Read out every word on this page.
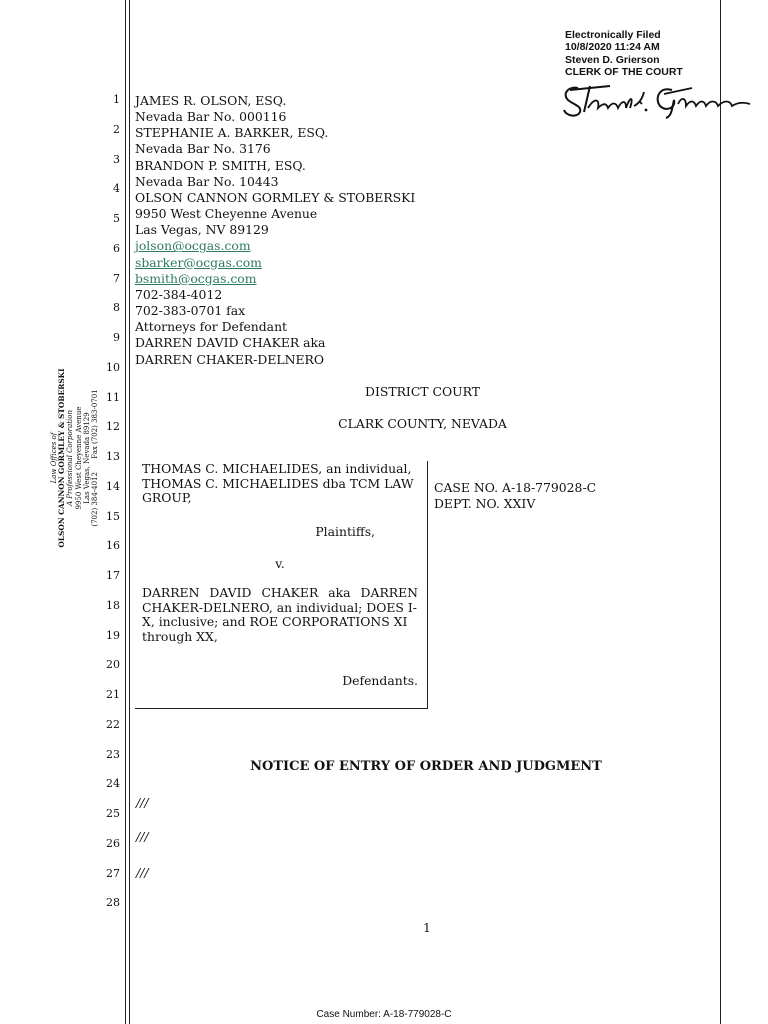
Electronically Filed
10/8/2020 11:24 AM
Steven D. Grierson
CLERK OF THE COURT
1
2
3
4
5
6
7
8
9
10
11
12
13
14
15
16
17
18
19
20
21
22
23
24
25
26
27
28
Law Offices of OLSON CANNON GORMLEY & STOBERSKI A Professional Corporation 9950 West Cheyenne Avenue Las Vegas, Nevada 89129 (702) 384-4012      Fax (702) 383-0701
JAMES R. OLSON, ESQ.
Nevada Bar No. 000116
STEPHANIE A. BARKER, ESQ.
Nevada Bar No. 3176
BRANDON P. SMITH, ESQ.
Nevada Bar No. 10443
OLSON CANNON GORMLEY & STOBERSKI
9950 West Cheyenne Avenue
Las Vegas, NV 89129
jolson@ocgas.com
sbarker@ocgas.com
bsmith@ocgas.com
702-384-4012
702-383-0701 fax
Attorneys for Defendant
DARREN DAVID CHAKER aka
DARREN CHAKER-DELNERO
DISTRICT COURT
CLARK COUNTY, NEVADA
THOMAS C. MICHAELIDES, an individual,
THOMAS C. MICHAELIDES dba TCM LAW
GROUP,
Plaintiffs,
v.
DARREN DAVID CHAKER aka DARREN
CHAKER-DELNERO, an individual; DOES I-
X, inclusive; and ROE CORPORATIONS XI
through XX,
Defendants.
CASE NO. A-18-779028-C
DEPT. NO. XXIV
NOTICE OF ENTRY OF ORDER AND JUDGMENT
///
///
///
1
Case Number: A-18-779028-C
